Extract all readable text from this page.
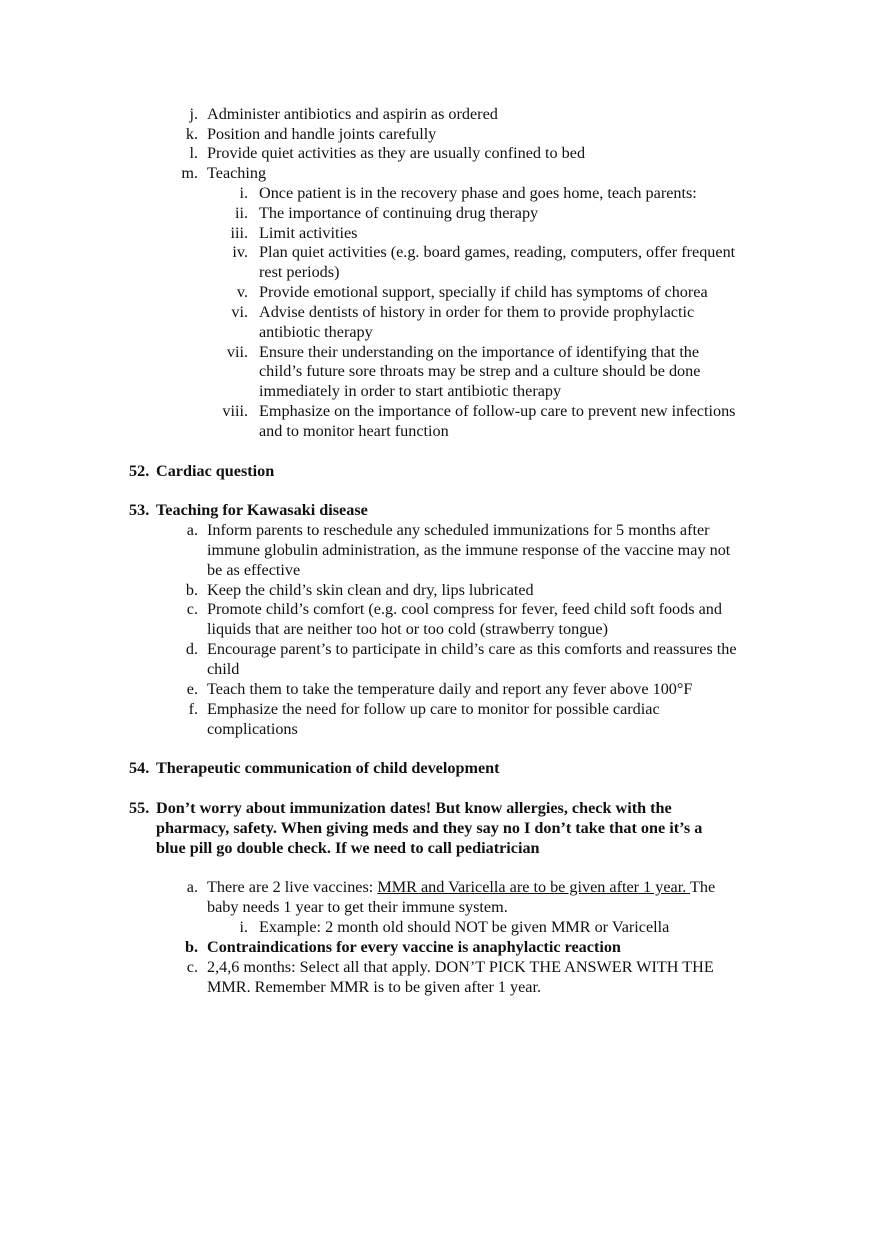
j. Administer antibiotics and aspirin as ordered
k. Position and handle joints carefully
l. Provide quiet activities as they are usually confined to bed
m. Teaching
i. Once patient is in the recovery phase and goes home, teach parents:
ii. The importance of continuing drug therapy
iii. Limit activities
iv. Plan quiet activities (e.g. board games, reading, computers, offer frequent
rest periods)
v. Provide emotional support, specially if child has symptoms of chorea
vi. Advise dentists of history in order for them to provide prophylactic
antibiotic therapy
vii. Ensure their understanding on the importance of identifying that the
child’s future sore throats may be strep and a culture should be done
immediately in order to start antibiotic therapy
viii. Emphasize on the importance of follow-up care to prevent new infections
and to monitor heart function
52. Cardiac question
53. Teaching for Kawasaki disease
a. Inform parents to reschedule any scheduled immunizations for 5 months after
immune globulin administration, as the immune response of the vaccine may not
be as effective
b. Keep the child’s skin clean and dry, lips lubricated
c. Promote child’s comfort (e.g. cool compress for fever, feed child soft foods and
liquids that are neither too hot or too cold (strawberry tongue)
d. Encourage parent’s to participate in child’s care as this comforts and reassures the
child
e. Teach them to take the temperature daily and report any fever above 100°F
f. Emphasize the need for follow up care to monitor for possible cardiac
complications
54. Therapeutic communication of child development
55. Don’t worry about immunization dates! But know allergies, check with the
pharmacy, safety. When giving meds and they say no I don’t take that one it’s a
blue pill go double check. If we need to call pediatrician
a. There are 2 live vaccines: MMR and Varicella are to be given after 1 year. The
baby needs 1 year to get their immune system.
i. Example: 2 month old should NOT be given MMR or Varicella
b. Contraindications for every vaccine is anaphylactic reaction
c. 2,4,6 months: Select all that apply. DON’T PICK THE ANSWER WITH THE
MMR. Remember MMR is to be given after 1 year.
